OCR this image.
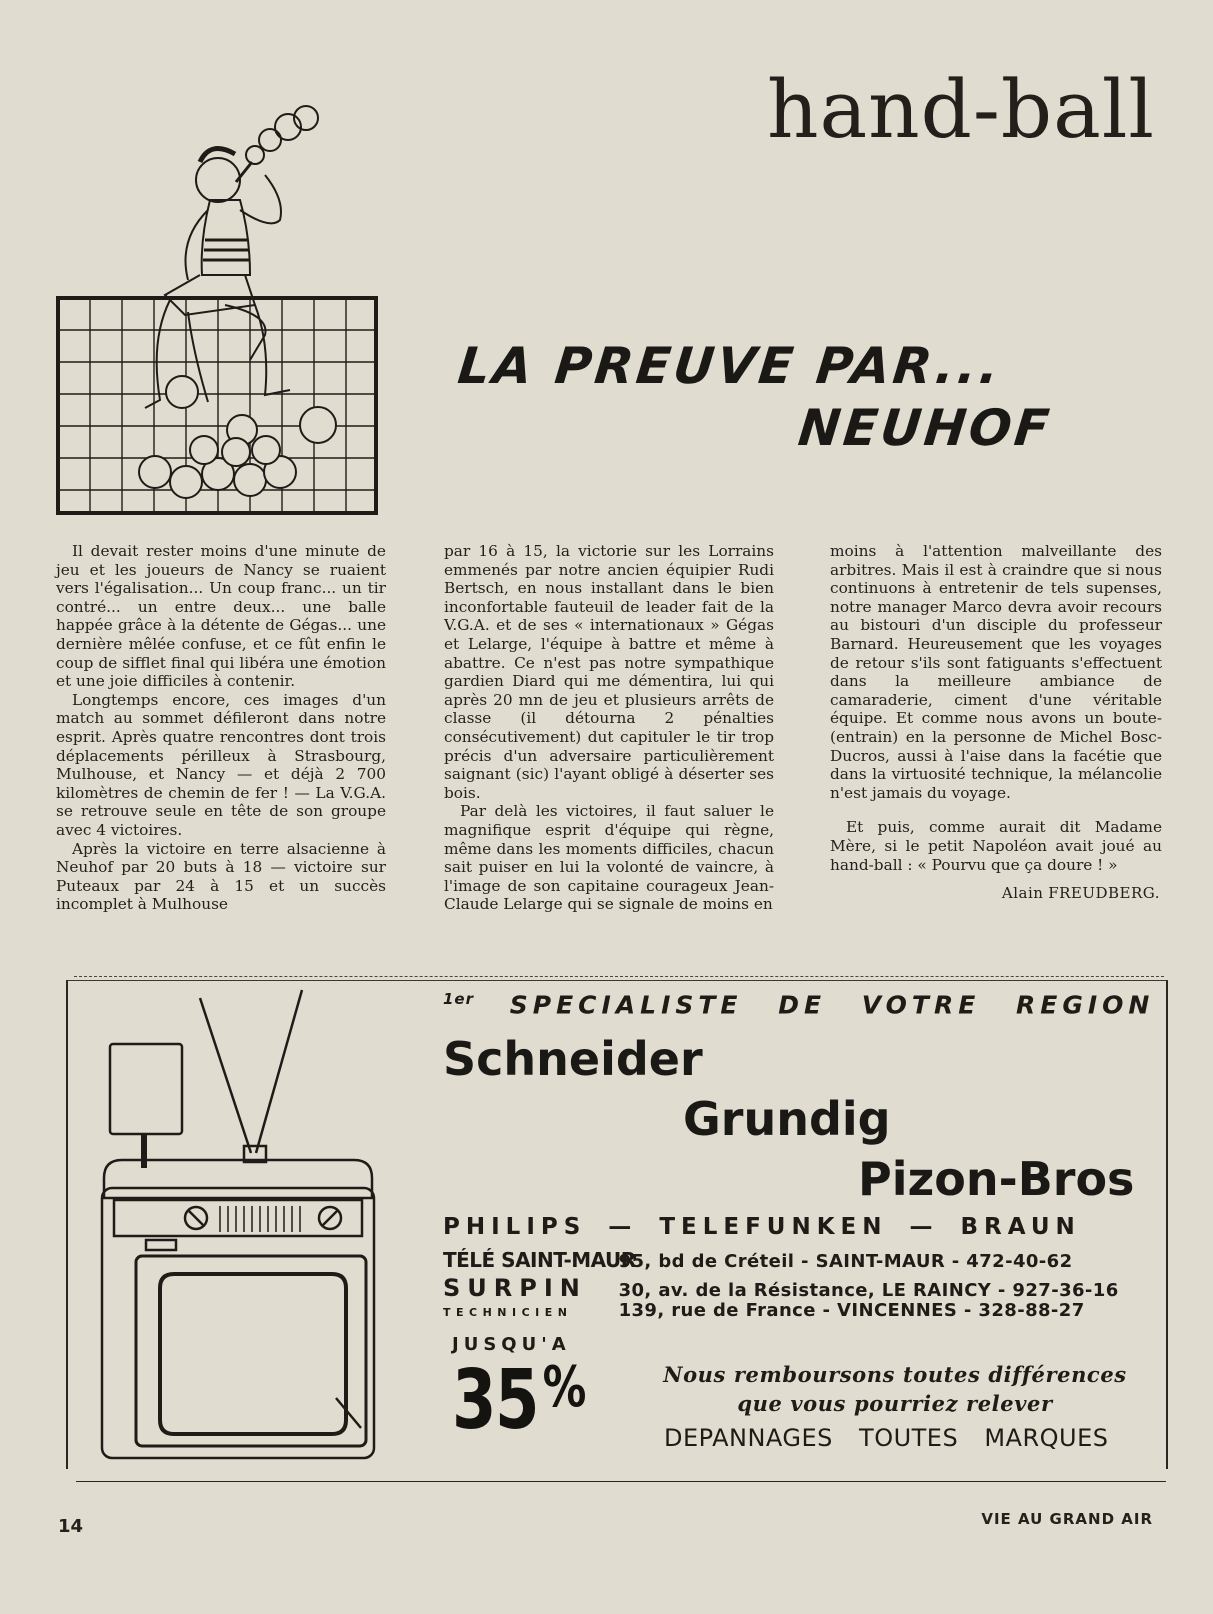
hand-ball
LA PREUVE PAR...
NEUHOF

Il devait rester moins d'une minute de jeu et les joueurs de Nancy se ruaient vers l'égalisation... Un coup franc... un tir contré... un entre deux... une balle happée grâce à la détente de Gégas... une dernière mêlée confuse, et ce fût enfin le coup de sifflet final qui libéra une émotion et une joie difficiles à contenir.

Longtemps encore, ces images d'un match au sommet défileront dans notre esprit. Après quatre rencontres dont trois déplacements périlleux à Strasbourg, Mulhouse, et Nancy — et déjà 2 700 kilomètres de chemin de fer ! — La V.G.A. se retrouve seule en tête de son groupe avec 4 victoires.

Après la victoire en terre alsacienne à Neuhof par 20 buts à 18 — victoire sur Puteaux par 24 à 15 et un succès incomplet à Mulhouse

par 16 à 15, la victorie sur les Lorrains emmenés par notre ancien équipier Rudi Bertsch, en nous installant dans le bien inconfortable fauteuil de leader fait de la V.G.A. et de ses « internationaux » Gégas et Lelarge, l'équipe à battre et même à abattre. Ce n'est pas notre sympathique gardien Diard qui me démentira, lui qui après 20 mn de jeu et plusieurs arrêts de classe (il détourna 2 pénalties consécutivement) dut capituler le tir trop précis d'un adversaire particulièrement saignant (sic) l'ayant obligé à déserter ses bois.

Par delà les victoires, il faut saluer le magnifique esprit d'équipe qui règne, même dans les moments difficiles, chacun sait puiser en lui la volonté de vaincre, à l'image de son capitaine courageux Jean-Claude Lelarge qui se signale de moins en

moins à l'attention malveillante des arbitres. Mais il est à craindre que si nous continuons à entretenir de tels supenses, notre manager Marco devra avoir recours au bistouri d'un disciple du professeur Barnard. Heureusement que les voyages de retour s'ils sont fatiguants s'effectuent dans la meilleure ambiance de camaraderie, ciment d'une véritable équipe. Et comme nous avons un boute-(entrain) en la personne de Michel Bosc-Ducros, aussi à l'aise dans la facétie que dans la virtuosité technique, la mélancolie n'est jamais du voyage.

Et puis, comme aurait dit Madame Mère, si le petit Napoléon avait joué au hand-ball : « Pourvu que ça doure ! »

Alain FREUDBERG.
$^{1er}$ SPECIALISTE DE VOTRE REGION
Schneider
Grundig
Pizon-Bros
PHILIPS — TELEFUNKEN — BRAUN
TÉLÉ SAINT-MAUR 95, bd de Créteil - SAINT-MAUR - 472-40-62
SURPIN 30, av. de la Résistance, LE RAINCY - 927-36-16
TECHNICIEN	139, rue de France - VINCENNES - 328-88-27
JUSQU'A
35%	Nous remboursons toutes différences
que vous pourriez relever
DEPANNAGES TOUTES MARQUES
14	VIE AU GRAND AIR
